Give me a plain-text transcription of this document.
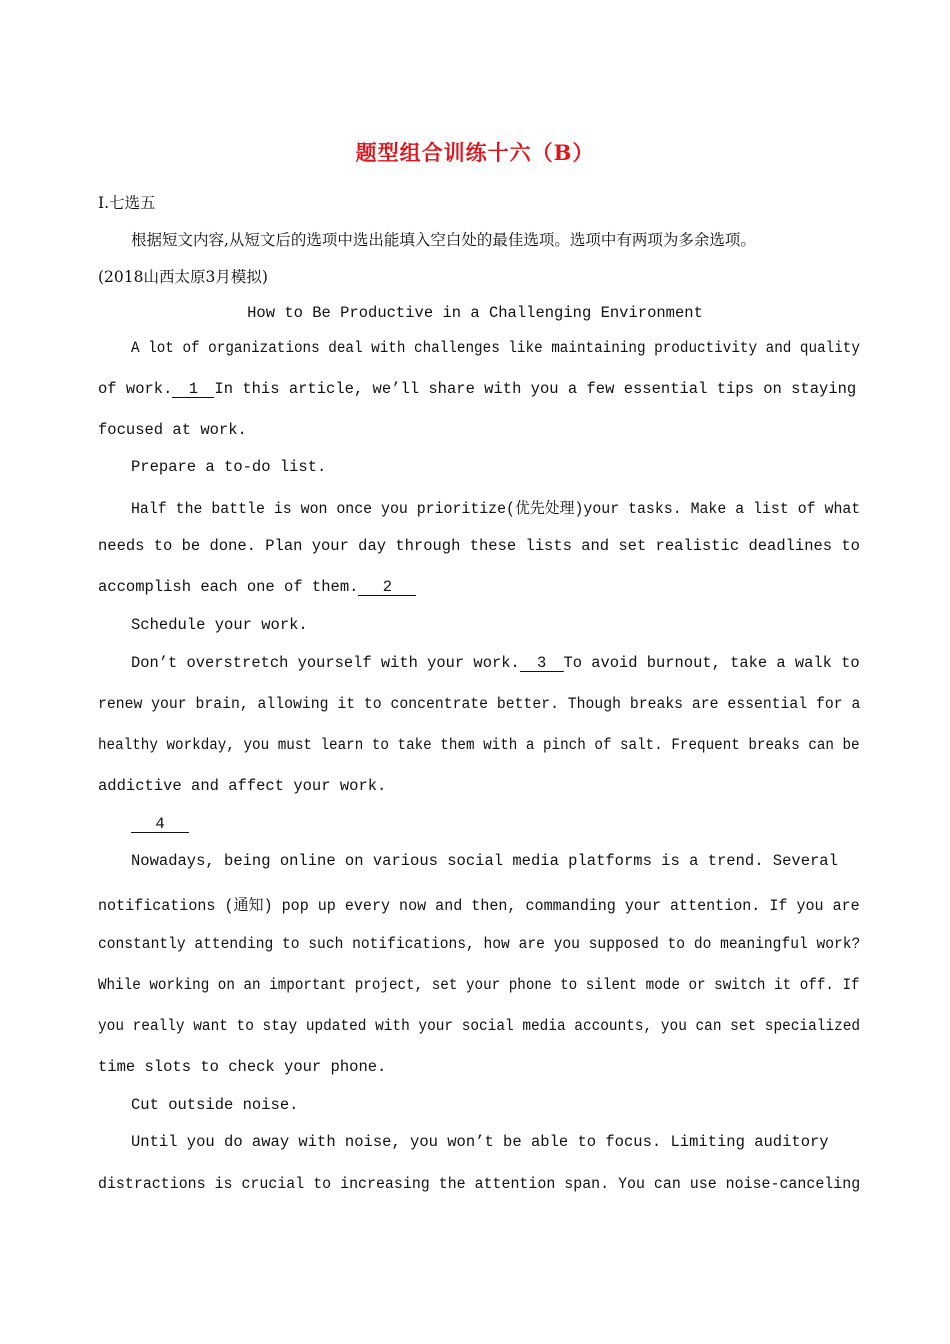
题型组合训练十六（B）
Ⅰ.七选五
根据短文内容,从短文后的选项中选出能填入空白处的最佳选项。选项中有两项为多余选项。
(2018山西太原3月模拟)
How to Be Productive in a Challenging Environment
A lot of organizations deal with challenges like maintaining productivity and quality
of work. 1 In this article, we’ll share with you a few essential tips on staying
focused at work.
Prepare a to-do list.
Half the battle is won once you prioritize(优先处理)your tasks. Make a list of what
needs to be done. Plan your day through these lists and set realistic deadlines to
accomplish each one of them. 2
Schedule your work.
Don’t overstretch yourself with your work. 3 To avoid burnout, take a walk to
renew your brain, allowing it to concentrate better. Though breaks are essential for a
healthy workday, you must learn to take them with a pinch of salt. Frequent breaks can be
addictive and affect your work.
4
Nowadays, being online on various social media platforms is a trend. Several
notifications (通知) pop up every now and then, commanding your attention. If you are
constantly attending to such notifications, how are you supposed to do meaningful work?
While working on an important project, set your phone to silent mode or switch it off. If
you really want to stay updated with your social media accounts, you can set specialized
time slots to check your phone.
Cut outside noise.
Until you do away with noise, you won’t be able to focus. Limiting auditory
distractions is crucial to increasing the attention span. You can use noise-canceling
